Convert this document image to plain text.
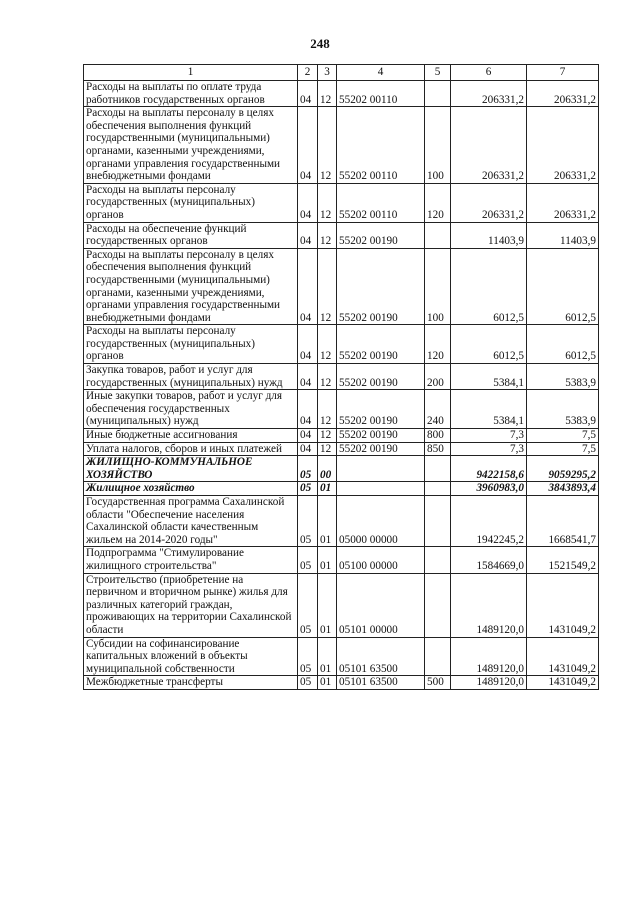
248
1	2	3	4	5	6	7
Расходы на выплаты по оплате труда работников государственных органов	04	12	55202 00110		206331,2	206331,2
Расходы на выплаты персоналу в целях обеспечения выполнения функций государственными (муниципальными) органами, казенными учреждениями, органами управления государственными внебюджетными фондами	04	12	55202 00110	100	206331,2	206331,2
Расходы на выплаты персоналу государственных (муниципальных) органов	04	12	55202 00110	120	206331,2	206331,2
Расходы на обеспечение функций государственных органов	04	12	55202 00190		11403,9	11403,9
Расходы на выплаты персоналу в целях обеспечения выполнения функций государственными (муниципальными) органами, казенными учреждениями, органами управления государственными внебюджетными фондами	04	12	55202 00190	100	6012,5	6012,5
Расходы на выплаты персоналу государственных (муниципальных) органов	04	12	55202 00190	120	6012,5	6012,5
Закупка товаров, работ и услуг для государственных (муниципальных) нужд	04	12	55202 00190	200	5384,1	5383,9
Иные закупки товаров, работ и услуг для обеспечения государственных (муниципальных) нужд	04	12	55202 00190	240	5384,1	5383,9
Иные бюджетные ассигнования	04	12	55202 00190	800	7,3	7,5
Уплата налогов, сборов и иных платежей	04	12	55202 00190	850	7,3	7,5
ЖИЛИЩНО-КОММУНАЛЬНОЕ ХОЗЯЙСТВО	05	00			9422158,6	9059295,2
Жилищное хозяйство	05	01			3960983,0	3843893,4
Государственная программа Сахалинской области "Обеспечение населения Сахалинской области качественным жильем на 2014-2020 годы"	05	01	05000 00000		1942245,2	1668541,7
Подпрограмма "Стимулирование жилищного строительства"	05	01	05100 00000		1584669,0	1521549,2
Строительство (приобретение на первичном и вторичном рынке) жилья для различных категорий граждан, проживающих на территории Сахалинской области	05	01	05101 00000		1489120,0	1431049,2
Субсидии на софинансирование капитальных вложений в объекты муниципальной собственности	05	01	05101 63500		1489120,0	1431049,2
Межбюджетные трансферты	05	01	05101 63500	500	1489120,0	1431049,2
